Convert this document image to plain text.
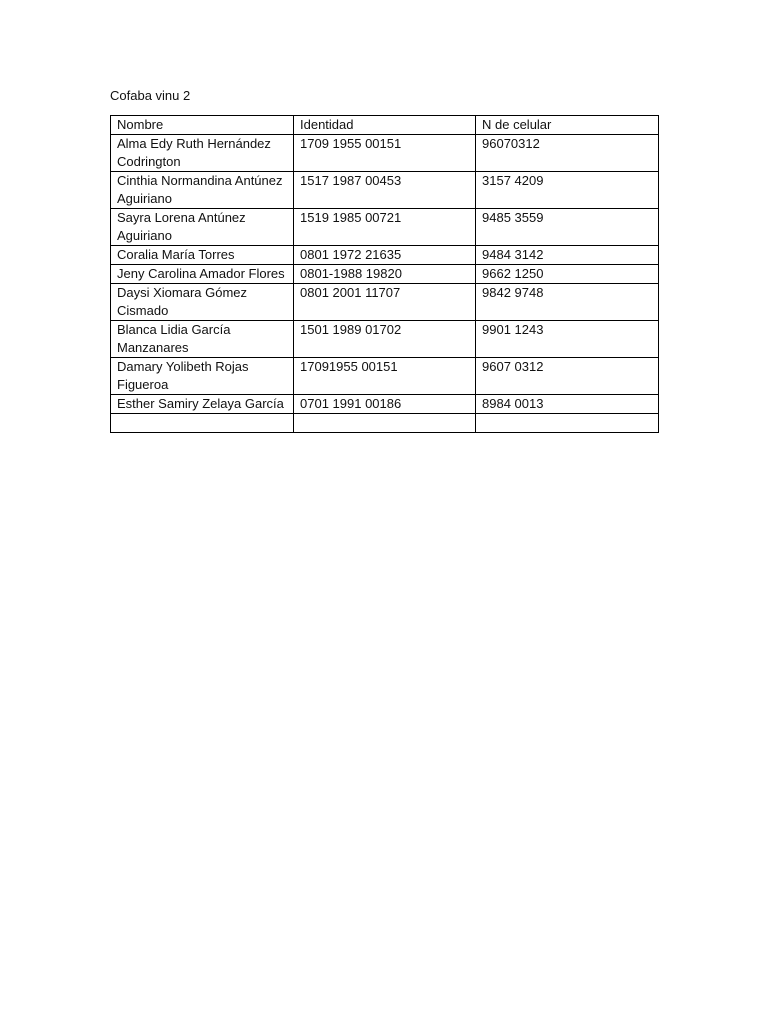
Cofaba vinu 2
Nombre	Identidad	N de celular
Alma Edy Ruth Hernández Codrington	1709 1955 00151	96070312
Cinthia Normandina Antúnez Aguiriano	1517 1987 00453	3157 4209
Sayra Lorena Antúnez Aguiriano	1519 1985 00721	9485 3559
Coralia María Torres	0801 1972 21635	9484 3142
Jeny Carolina Amador Flores	0801-1988 19820	9662 1250
Daysi Xiomara Gómez Cismado	0801 2001 11707	9842 9748
Blanca Lidia García Manzanares	1501 1989 01702	9901 1243
Damary Yolibeth Rojas Figueroa	17091955 00151	9607 0312
Esther Samiry Zelaya García	0701 1991 00186	8984 0013
